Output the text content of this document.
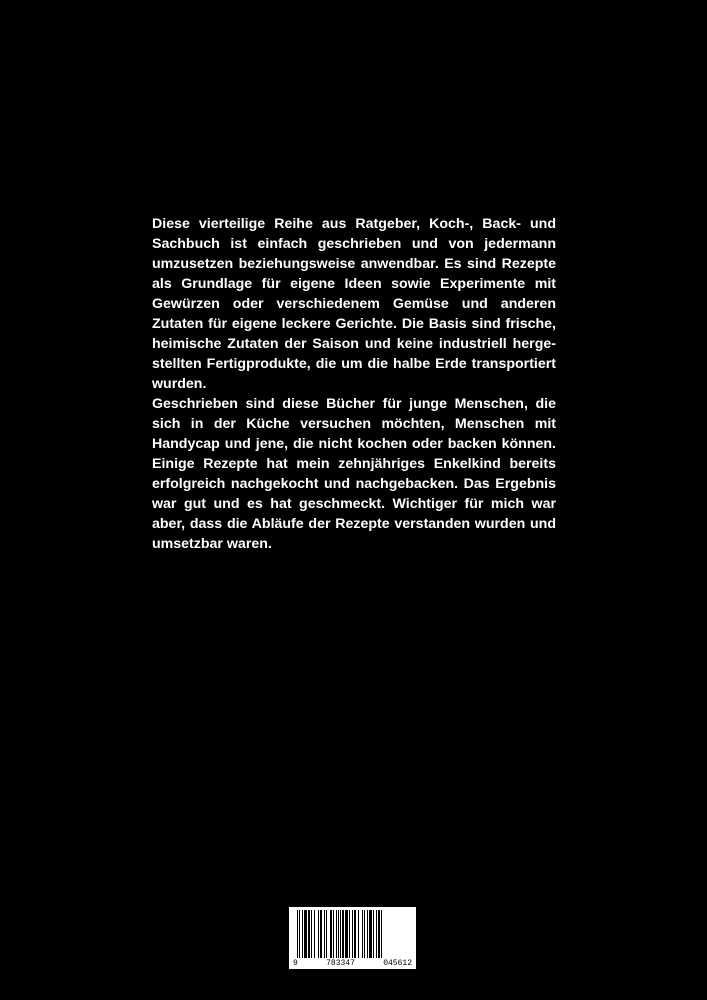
Diese vierteilige Reihe aus Ratgeber, Koch-, Back- und Sachbuch ist einfach geschrieben und von jedermann umzusetzen beziehungsweise anwendbar. Es sind Rezepte als Grundlage für eigene Ideen sowie Experimente mit Gewürzen oder verschiedenem Gemüse und anderen Zutaten für eigene leckere Gerichte. Die Basis sind frische, heimische Zutaten der Saison und keine industriell hergestellten Fertigprodukte, die um die halbe Erde transportiert wurden.

Geschrieben sind diese Bücher für junge Menschen, die sich in der Küche versuchen möchten, Menschen mit Handycap und jene, die nicht kochen oder backen können. Einige Rezepte hat mein zehnjähriges Enkelkind bereits erfolgreich nachgekocht und nachgebacken. Das Ergebnis war gut und es hat geschmeckt. Wichtiger für mich war aber, dass die Abläufe der Rezepte verstanden wurden und umsetzbar waren.

9	783347	045612
